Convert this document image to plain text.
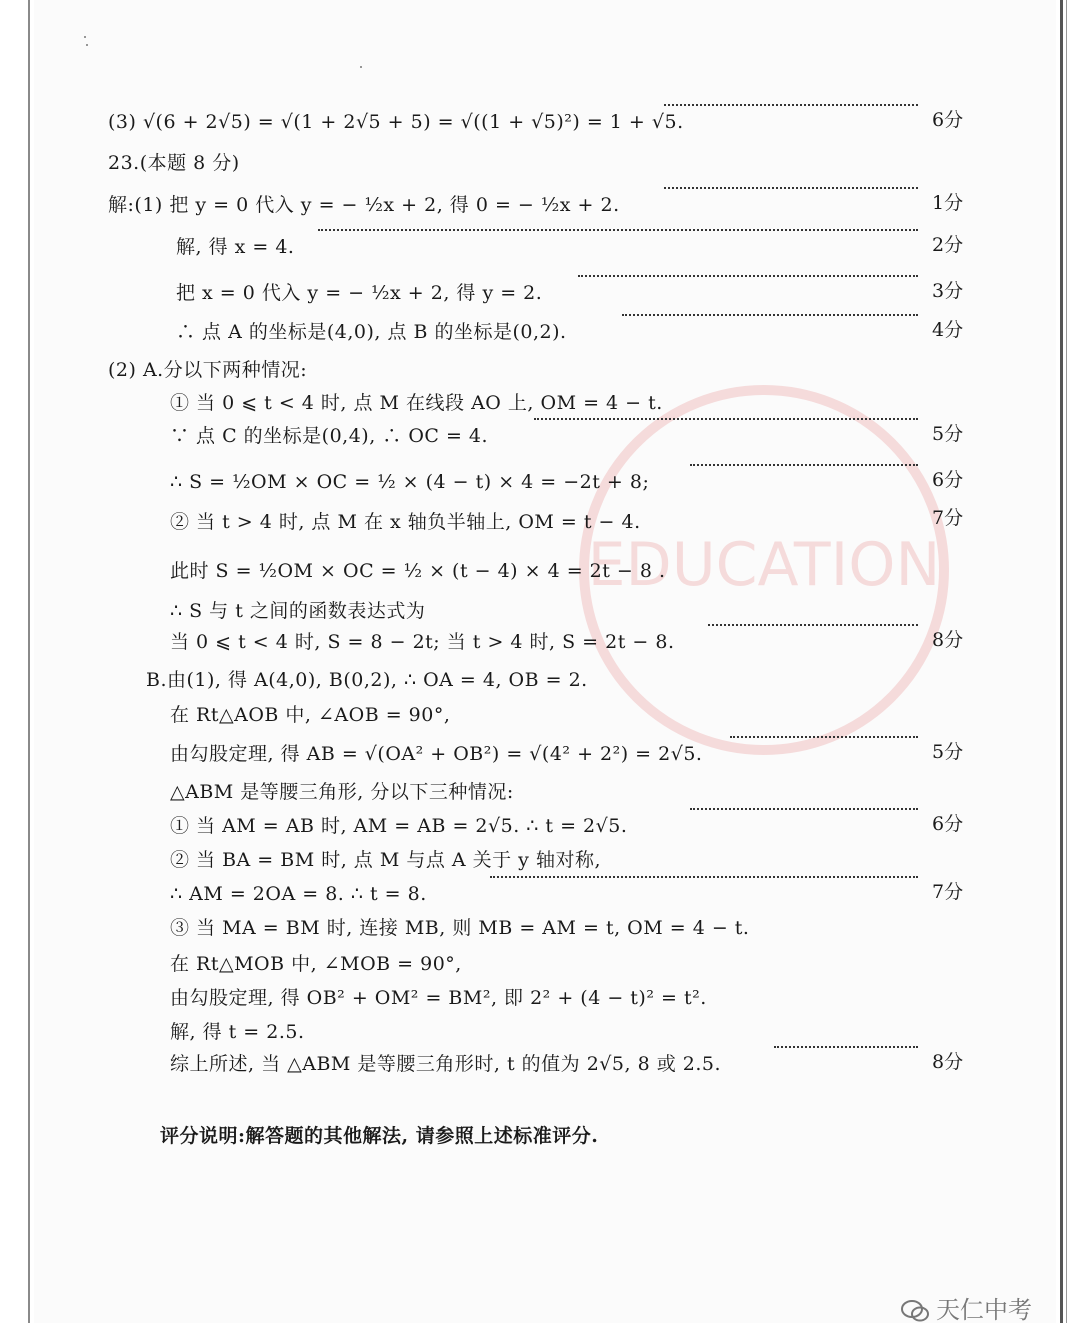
EDUCATION
(3) √(6 + 2√5) = √(1 + 2√5 + 5) = √((1 + √5)²) = 1 + √5.	6分
23.(本题 8 分)
解:(1) 把 y = 0 代入 y = − ½x + 2, 得 0 = − ½x + 2.	1分
解, 得 x = 4.	2分
把 x = 0 代入 y = − ½x + 2, 得 y = 2.	3分
∴ 点 A 的坐标是(4,0), 点 B 的坐标是(0,2).	4分
(2) A.分以下两种情况:
① 当 0 ⩽ t < 4 时, 点 M 在线段 AO 上, OM = 4 − t.
∵ 点 C 的坐标是(0,4), ∴ OC = 4.	5分
∴ S = ½OM × OC = ½ × (4 − t) × 4 = −2t + 8;	6分
② 当 t > 4 时, 点 M 在 x 轴负半轴上, OM = t − 4.	7分
此时 S = ½OM × OC = ½ × (t − 4) × 4 = 2t − 8 .
∴ S 与 t 之间的函数表达式为
当 0 ⩽ t < 4 时, S = 8 − 2t; 当 t > 4 时, S = 2t − 8.	8分
B.由(1), 得 A(4,0), B(0,2), ∴ OA = 4, OB = 2.
在 Rt△AOB 中, ∠AOB = 90°,
由勾股定理, 得 AB = √(OA² + OB²) = √(4² + 2²) = 2√5.	5分
△ABM 是等腰三角形, 分以下三种情况:
① 当 AM = AB 时, AM = AB = 2√5. ∴ t = 2√5.	6分
② 当 BA = BM 时, 点 M 与点 A 关于 y 轴对称,
∴ AM = 2OA = 8. ∴ t = 8.	7分
③ 当 MA = BM 时, 连接 MB, 则 MB = AM = t, OM = 4 − t.
在 Rt△MOB 中, ∠MOB = 90°,
由勾股定理, 得 OB² + OM² = BM², 即 2² + (4 − t)² = t².
解, 得 t = 2.5.
综上所述, 当 △ABM 是等腰三角形时, t 的值为 2√5, 8 或 2.5.	8分
评分说明:解答题的其他解法, 请参照上述标准评分.
天仁中考
